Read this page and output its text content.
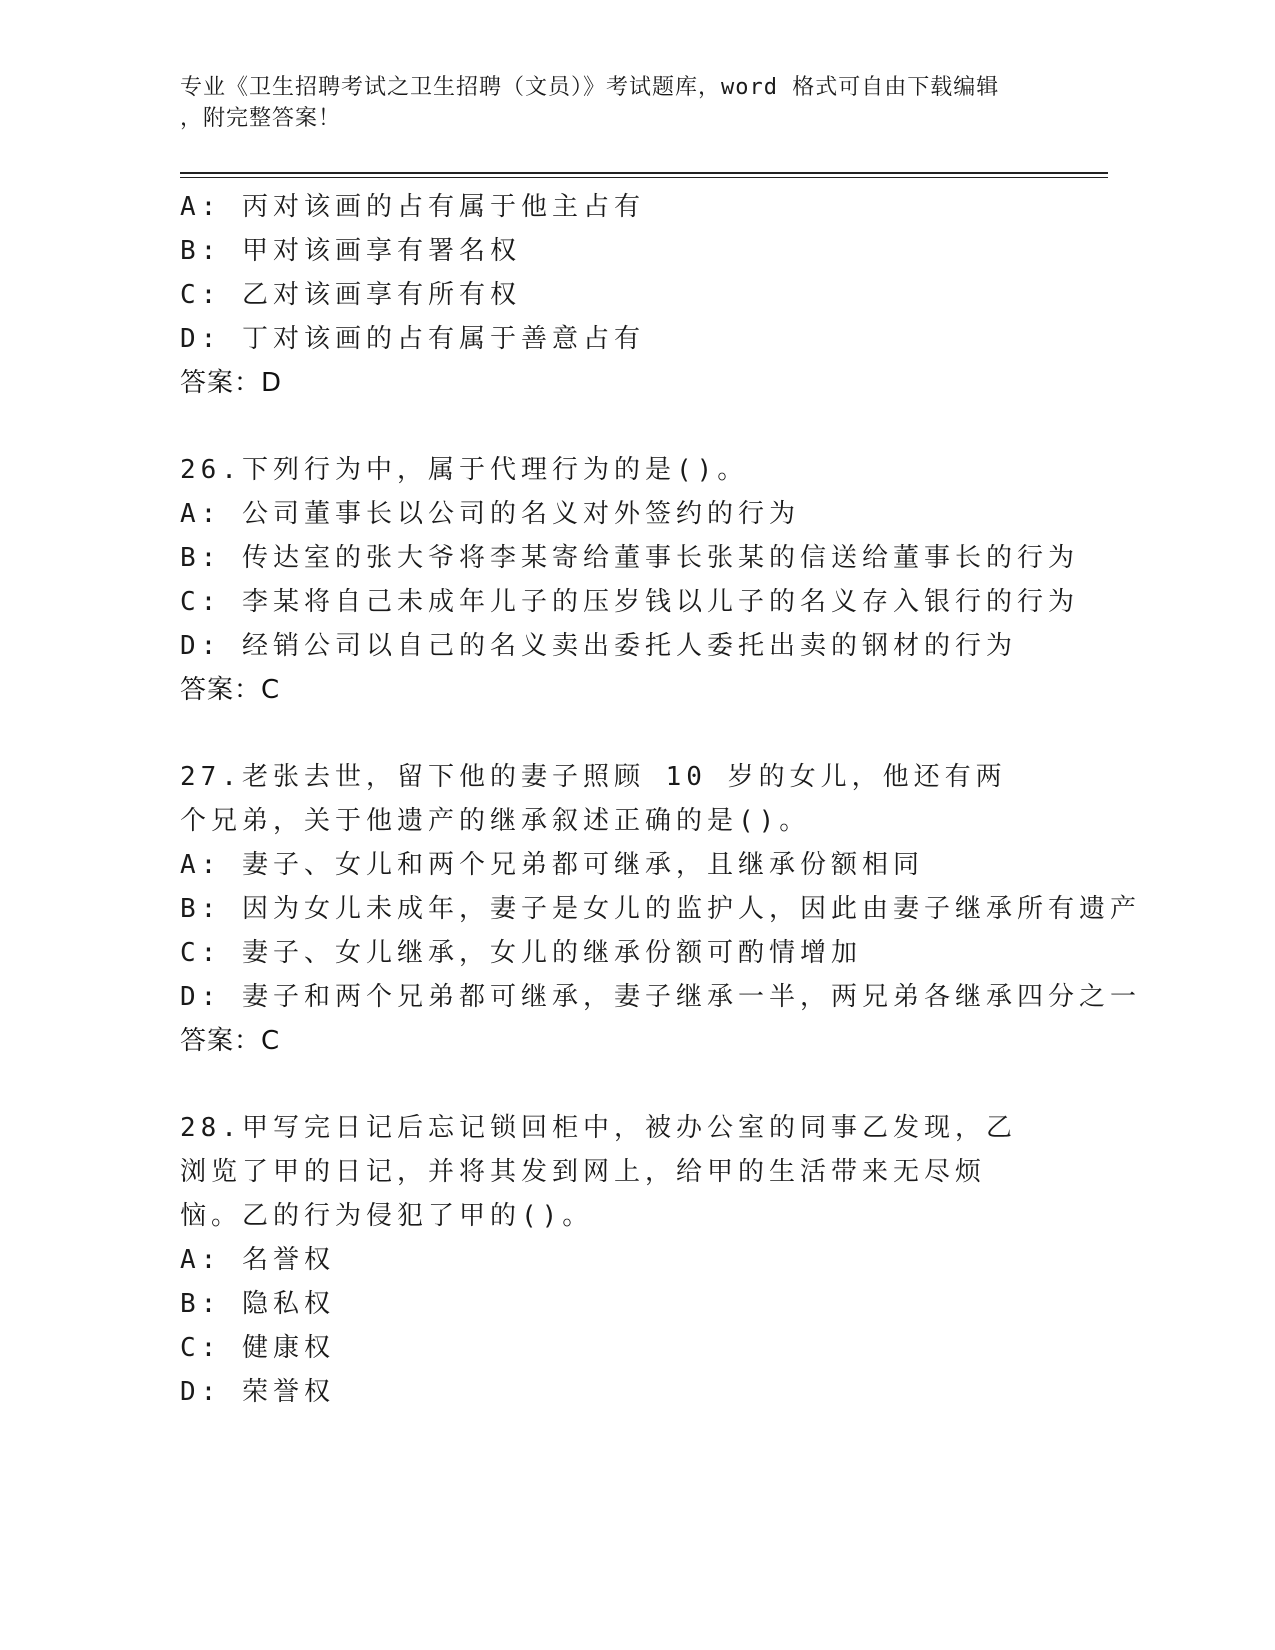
专业《卫生招聘考试之卫生招聘（文员）》考试题库，word 格式可自由下载编辑
，附完整答案！
A: 丙对该画的占有属于他主占有
B: 甲对该画享有署名权
C: 乙对该画享有所有权
D: 丁对该画的占有属于善意占有
答案：D
26.下列行为中，属于代理行为的是()。
A: 公司董事长以公司的名义对外签约的行为
B: 传达室的张大爷将李某寄给董事长张某的信送给董事长的行为
C: 李某将自己未成年儿子的压岁钱以儿子的名义存入银行的行为
D: 经销公司以自己的名义卖出委托人委托出卖的钢材的行为
答案：C
27.老张去世，留下他的妻子照顾 10 岁的女儿，他还有两个兄弟，关于他遗产的继承叙述正确的是()。
A: 妻子、女儿和两个兄弟都可继承，且继承份额相同
B: 因为女儿未成年，妻子是女儿的监护人，因此由妻子继承所有遗产
C: 妻子、女儿继承，女儿的继承份额可酌情增加
D: 妻子和两个兄弟都可继承，妻子继承一半，两兄弟各继承四分之一
答案：C
28.甲写完日记后忘记锁回柜中，被办公室的同事乙发现，乙浏览了甲的日记，并将其发到网上，给甲的生活带来无尽烦恼。乙的行为侵犯了甲的()。
A: 名誉权
B: 隐私权
C: 健康权
D: 荣誉权
